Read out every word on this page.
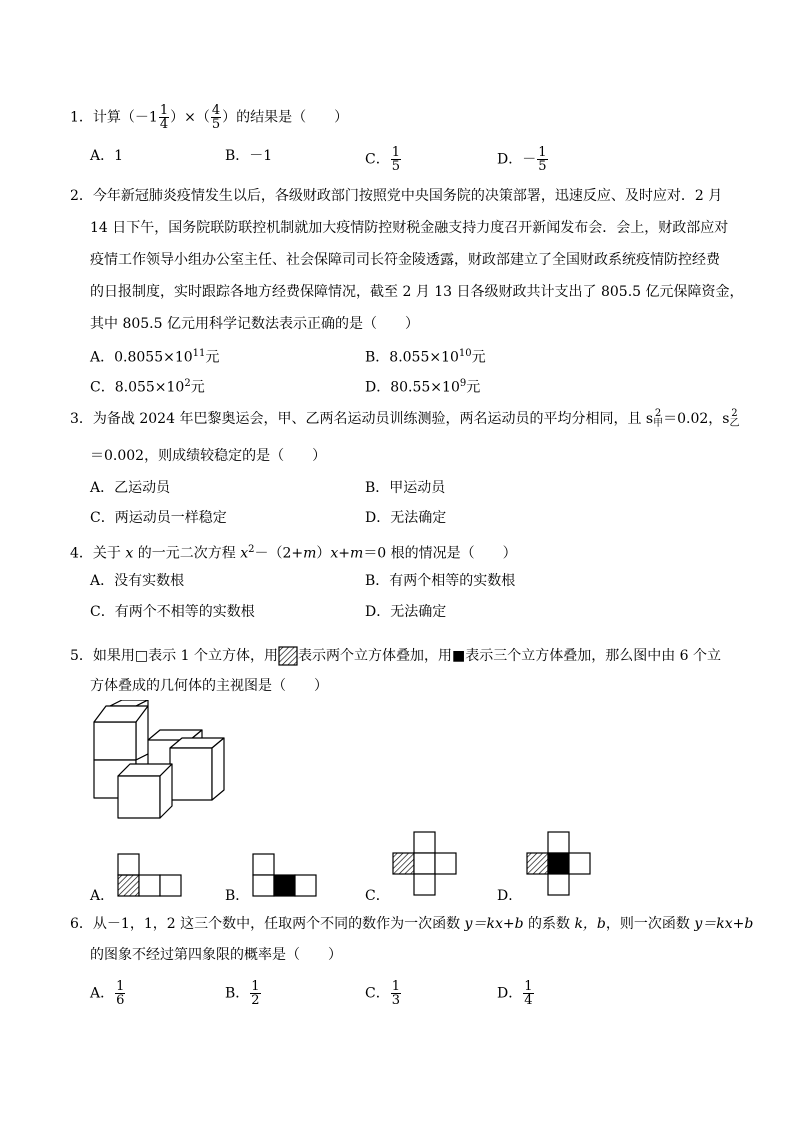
1．计算（$-1 \frac{1}{4}$ ）×（ $\frac{4}{5}$ ）的结果是（　　）
A．1	B．－1	C． $\frac{1}{5}$	D．－ $\frac{1}{5}$
2．今年新冠肺炎疫情发生以后，各级财政部门按照党中央国务院的决策部署，迅速反应、及时应对．2 月
14 日下午，国务院联防联控机制就加大疫情防控财税金融支持力度召开新闻发布会．会上，财政部应对
疫情工作领导小组办公室主任、社会保障司司长符金陵透露，财政部建立了全国财政系统疫情防控经费
的日报制度，实时跟踪各地方经费保障情况，截至 2 月 13 日各级财政共计支出了 805.5 亿元保障资金，
其中 805.5 亿元用科学记数法表示正确的是（　　）
A．$0.8055\times 10^{11}$元	B．$8.055\times 10^{10}$元
C．$8.055\times 10^2$元	D．$80.55\times 10^9$元
3．为备战 2024 年巴黎奥运会，甲、乙两名运动员训练测验，两名运动员的平均分相同，且 s 2
甲 ＝0.02，s 2
乙
＝0.002，则成绩较稳定的是（　　）
A．乙运动员	B．甲运动员
C．两运动员一样稳定	D．无法确定
4．关于 x 的一元二次方程 $x^2-(2+m)x+m=0$ 根的情况是（　　）
A．没有实数根	B．有两个相等的实数根
C．有两个不相等的实数根	D．无法确定
5．如果用□表示 1 个立方体，用 表示两个立方体叠加，用■表示三个立方体叠加，那么图中由 6 个立
方体叠成的几何体的主视图是（　　）
A．	B．	C．	D．
6．从－1，1，2 这三个数中，任取两个不同的数作为一次函数 y＝kx+b 的系数 k，b，则一次函数 y＝kx+b
的图象不经过第四象限的概率是（　　）
A． $\frac{1}{6}$	B． $\frac{1}{2}$	C． $\frac{1}{3}$	D． $\frac{1}{4}$
